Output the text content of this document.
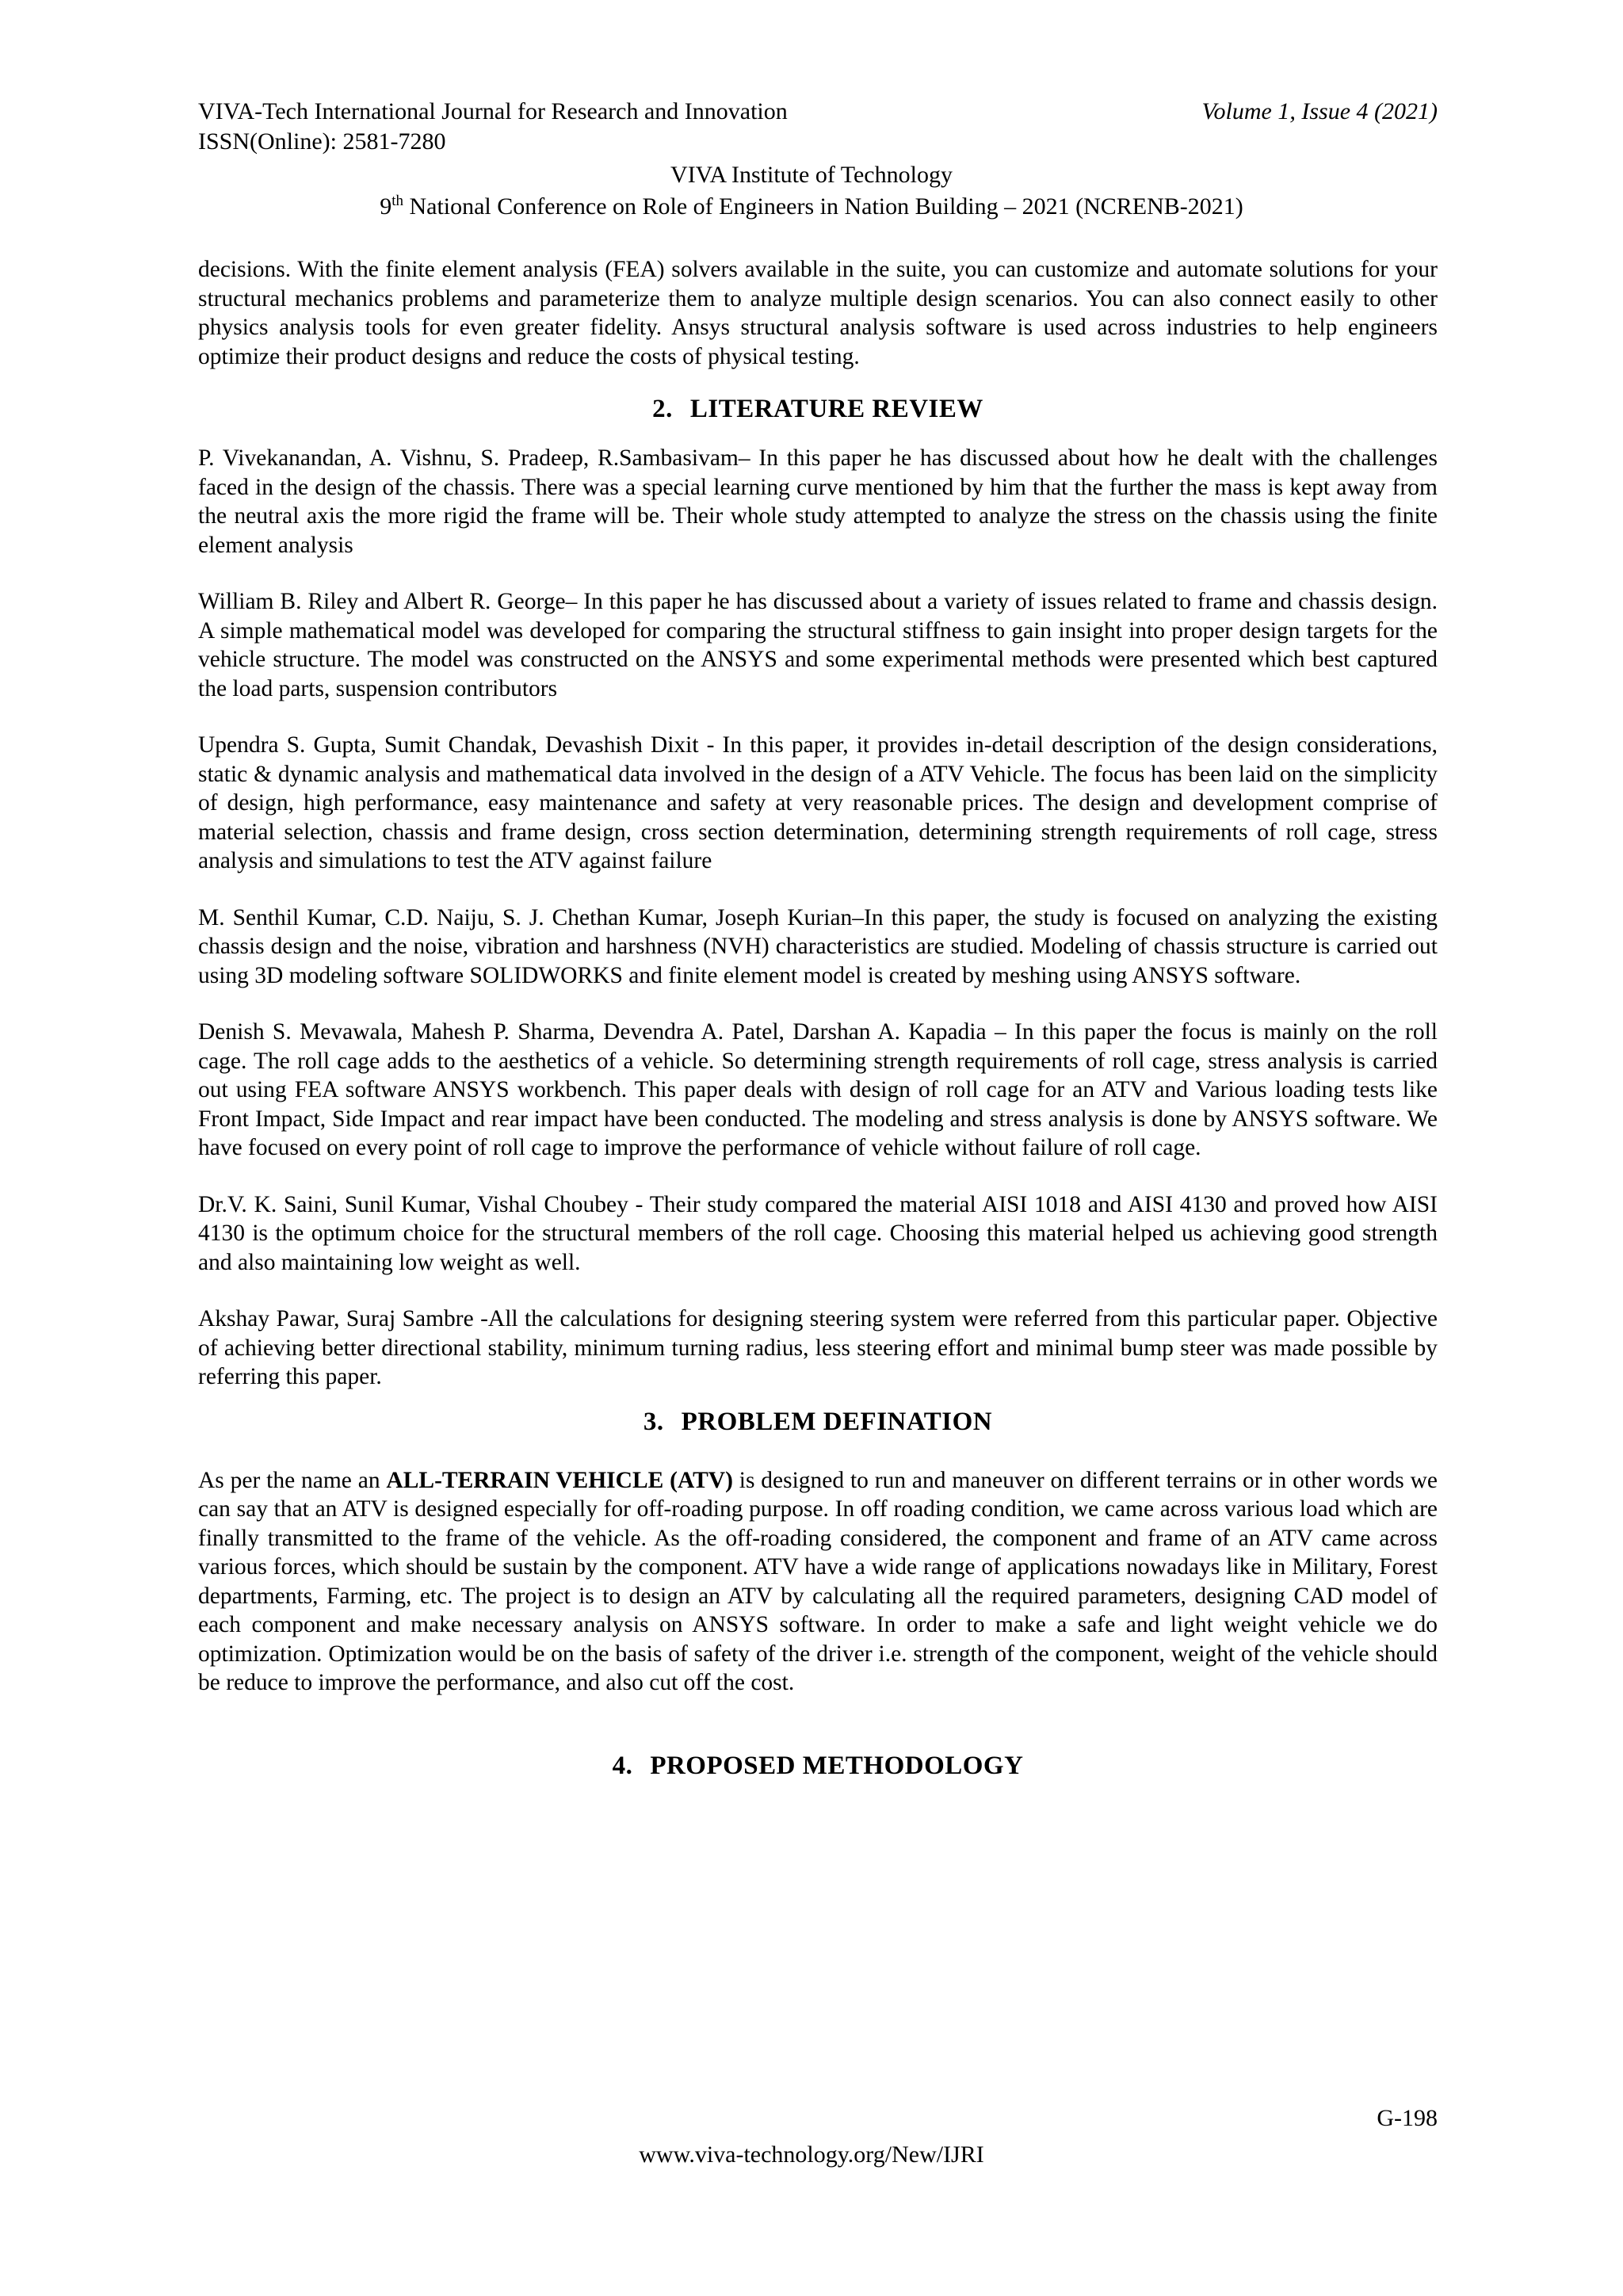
VIVA-Tech International Journal for Research and Innovation	Volume 1, Issue 4 (2021)
ISSN(Online): 2581-7280
VIVA Institute of Technology
9th National Conference on Role of Engineers in Nation Building – 2021 (NCRENB-2021)

decisions. With the finite element analysis (FEA) solvers available in the suite, you can customize and automate solutions for your structural mechanics problems and parameterize them to analyze multiple design scenarios. You can also connect easily to other physics analysis tools for even greater fidelity. Ansys structural analysis software is used across industries to help engineers optimize their product designs and reduce the costs of physical testing.

2. LITERATURE REVIEW

P. Vivekanandan, A. Vishnu, S. Pradeep, R.Sambasivam– In this paper he has discussed about how he dealt with the challenges faced in the design of the chassis. There was a special learning curve mentioned by him that the further the mass is kept away from the neutral axis the more rigid the frame will be. Their whole study attempted to analyze the stress on the chassis using the finite element analysis

William B. Riley and Albert R. George– In this paper he has discussed about a variety of issues related to frame and chassis design. A simple mathematical model was developed for comparing the structural stiffness to gain insight into proper design targets for the vehicle structure. The model was constructed on the ANSYS and some experimental methods were presented which best captured the load parts, suspension contributors

Upendra S. Gupta, Sumit Chandak, Devashish Dixit - In this paper, it provides in-detail description of the design considerations, static & dynamic analysis and mathematical data involved in the design of a ATV Vehicle. The focus has been laid on the simplicity of design, high performance, easy maintenance and safety at very reasonable prices. The design and development comprise of material selection, chassis and frame design, cross section determination, determining strength requirements of roll cage, stress analysis and simulations to test the ATV against failure

M. Senthil Kumar, C.D. Naiju, S. J. Chethan Kumar, Joseph Kurian–In this paper, the study is focused on analyzing the existing chassis design and the noise, vibration and harshness (NVH) characteristics are studied. Modeling of chassis structure is carried out using 3D modeling software SOLIDWORKS and finite element model is created by meshing using ANSYS software.

Denish S. Mevawala, Mahesh P. Sharma, Devendra A. Patel, Darshan A. Kapadia – In this paper the focus is mainly on the roll cage. The roll cage adds to the aesthetics of a vehicle. So determining strength requirements of roll cage, stress analysis is carried out using FEA software ANSYS workbench. This paper deals with design of roll cage for an ATV and Various loading tests like Front Impact, Side Impact and rear impact have been conducted. The modeling and stress analysis is done by ANSYS software. We have focused on every point of roll cage to improve the performance of vehicle without failure of roll cage.

Dr.V. K. Saini, Sunil Kumar, Vishal Choubey - Their study compared the material AISI 1018 and AISI 4130 and proved how AISI 4130 is the optimum choice for the structural members of the roll cage. Choosing this material helped us achieving good strength and also maintaining low weight as well.

Akshay Pawar, Suraj Sambre -All the calculations for designing steering system were referred from this particular paper. Objective of achieving better directional stability, minimum turning radius, less steering effort and minimal bump steer was made possible by referring this paper.

3. PROBLEM DEFINATION

As per the name an ALL-TERRAIN VEHICLE (ATV) is designed to run and maneuver on different terrains or in other words we can say that an ATV is designed especially for off-roading purpose. In off roading condition, we came across various load which are finally transmitted to the frame of the vehicle. As the off-roading considered, the component and frame of an ATV came across various forces, which should be sustain by the component. ATV have a wide range of applications nowadays like in Military, Forest departments, Farming, etc. The project is to design an ATV by calculating all the required parameters, designing CAD model of each component and make necessary analysis on ANSYS software. In order to make a safe and light weight vehicle we do optimization. Optimization would be on the basis of safety of the driver i.e. strength of the component, weight of the vehicle should be reduce to improve the performance, and also cut off the cost.

4. PROPOSED METHODOLOGY
G-198
www.viva-technology.org/New/IJRI
